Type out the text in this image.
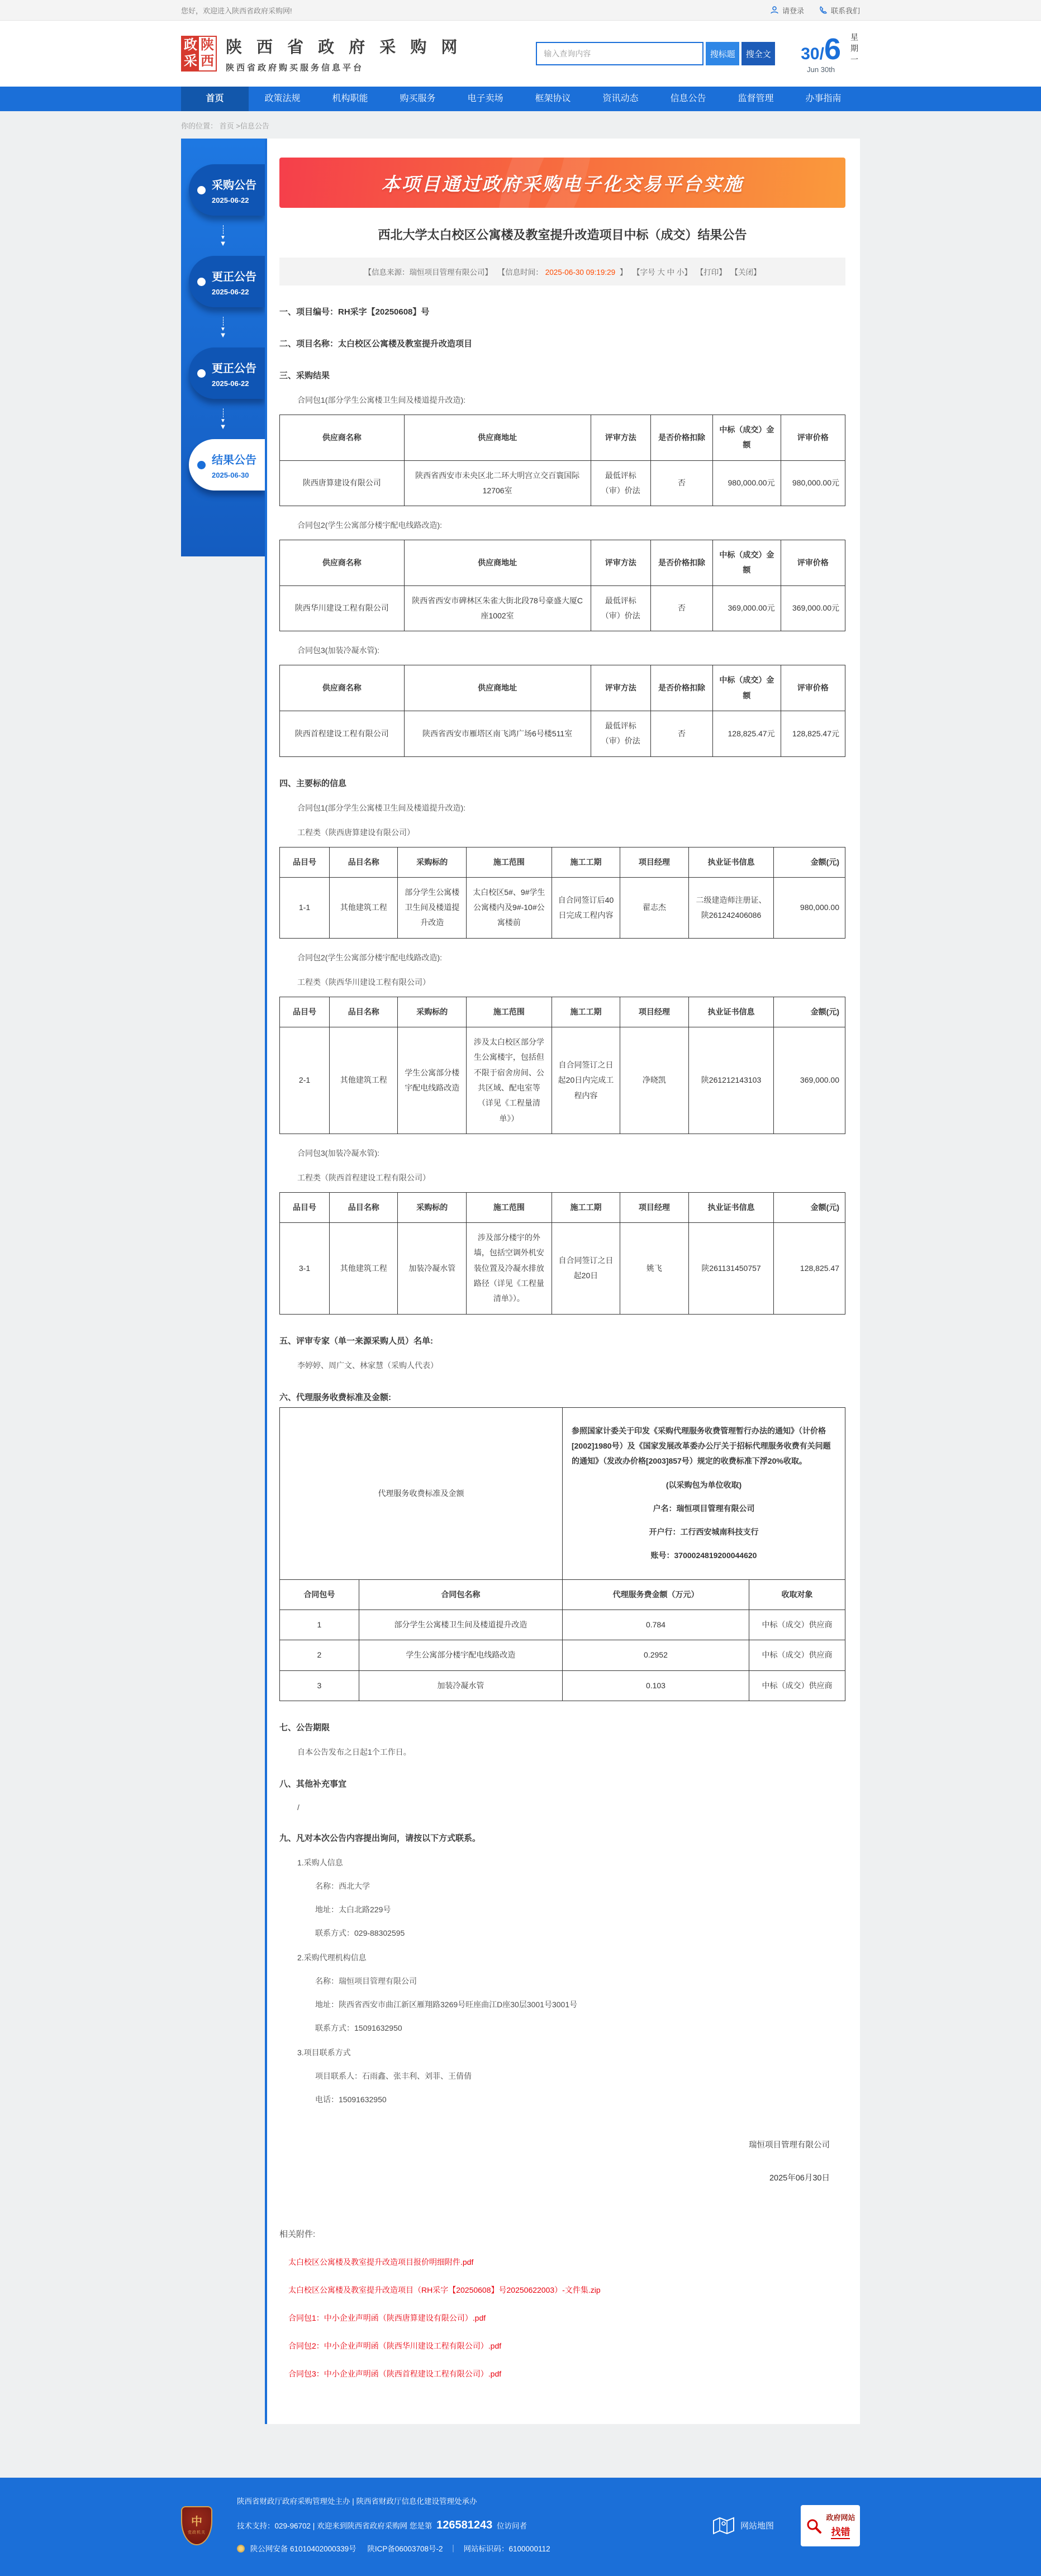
您好，欢迎进入陕西省政府采购网!	请登录	联系我们
政
采
陕
西
陕 西 省 政 府 采 购 网
陕西省政府购买服务信息平台
输入查询内容
搜标题	搜全文 30/ 6
Jun 30th
星期一
首页	政策法规	机构职能	购买服务	电子卖场	框架协议	资讯动态	信息公告	监督管理	办事指南
你的位置： 首页 >信息公告
采购公告
2025-06-22
▼
▼
更正公告
2025-06-22
▼
▼
更正公告
2025-06-22
▼
▼
结果公告
2025-06-30
本项目通过政府采购电子化交易平台实施
西北大学太白校区公寓楼及教室提升改造项目中标（成交）结果公告
【信息来源：瑞恒项目管理有限公司】 【信息时间： 2025-06-30 09:19:29 】 【字号 大 中 小】 【打印】 【关闭】
一、项目编号：RH采字【20250608】号
二、项目名称：太白校区公寓楼及教室提升改造项目
三、采购结果
合同包1(部分学生公寓楼卫生间及楼道提升改造):
供应商名称	供应商地址	评审方法	是否价格扣除	中标（成交）金额	评审价格
陕西唐算建设有限公司	陕西省西安市未央区北二环大明宫立交百寰国际12706室	最低评标（审）价法	否	980,000.00元	980,000.00元
合同包2(学生公寓部分楼宇配电线路改造):
供应商名称	供应商地址	评审方法	是否价格扣除	中标（成交）金额	评审价格
陕西华川建设工程有限公司	陕西省西安市碑林区朱雀大街北段78号豪盛大厦C座1002室	最低评标（审）价法	否	369,000.00元	369,000.00元
合同包3(加装冷凝水管):
供应商名称	供应商地址	评审方法	是否价格扣除	中标（成交）金额	评审价格
陕西首程建设工程有限公司	陕西省西安市雁塔区南飞鸿广场6号楼511室	最低评标（审）价法	否	128,825.47元	128,825.47元
四、主要标的信息
合同包1(部分学生公寓楼卫生间及楼道提升改造):
工程类（陕西唐算建设有限公司）
品目号	品目名称	采购标的	施工范围	施工工期	项目经理	执业证书信息	金额(元)
1-1	其他建筑工程	部分学生公寓楼卫生间及楼道提升改造	太白校区5#、9#学生公寓楼内及9#-10#公寓楼前	自合同签订后40日完成工程内容	翟志杰	二级建造师注册证、陕261242406086	980,000.00
合同包2(学生公寓部分楼宇配电线路改造):
工程类（陕西华川建设工程有限公司）
品目号	品目名称	采购标的	施工范围	施工工期	项目经理	执业证书信息	金额(元)
2-1	其他建筑工程	学生公寓部分楼宇配电线路改造	涉及太白校区部分学生公寓楼宇，包括但不限于宿舍房间、公共区域、配电室等（详见《工程量清单》）	自合同签订之日起20日内完成工程内容	净晓凯	陕261212143103	369,000.00
合同包3(加装冷凝水管):
工程类（陕西首程建设工程有限公司）
品目号	品目名称	采购标的	施工范围	施工工期	项目经理	执业证书信息	金额(元)
3-1	其他建筑工程	加装冷凝水管	涉及部分楼宇的外墙，包括空调外机安装位置及冷凝水排放路径（详见《工程量清单》）。	自合同签订之日起20日	姚飞	陕261131450757	128,825.47
五、评审专家（单一来源采购人员）名单:
李婷婷、周广文、林家慧（采购人代表）
六、代理服务收费标准及金额:
代理服务收费标准及金额		参照国家计委关于印发《采购代理服务收费管理暂行办法的通知》（计价格[2002]1980号）及《国家发展改革委办公厅关于招标代理服务收费有关问题的通知》（发改办价格[2003]857号）规定的收费标准下浮20%收取。

(以采购包为单位收取)

户名：瑞恒项目管理有限公司

开户行：工行西安城南科技支行

账号：3700024819200044620	

合同包号	合同包名称	代理服务费金额（万元）	收取对象
1	部分学生公寓楼卫生间及楼道提升改造	0.784	中标（成交）供应商
2	学生公寓部分楼宇配电线路改造	0.2952	中标（成交）供应商
3	加装冷凝水管	0.103	中标（成交）供应商
七、公告期限
自本公告发布之日起1个工作日。
八、其他补充事宜
/
九、凡对本次公告内容提出询问，请按以下方式联系。
1.采购人信息

名称：西北大学

地址：太白北路229号

联系方式：029-88302595

2.采购代理机构信息

名称：瑞恒项目管理有限公司

地址：陕西省西安市曲江新区雁翔路3269号旺座曲江D座30层3001号3001号

联系方式：15091632950

3.项目联系方式

项目联系人：石雨鑫、张丰利、刘菲、王倩倩

电话：15091632950

瑞恒项目管理有限公司

2025年06月30日

相关附件:
太白校区公寓楼及教室提升改造项目报价明细附件.pdf
太白校区公寓楼及教室提升改造项目（RH采字【20250608】号20250622003）-文件集.zip
合同包1：中小企业声明函（陕西唐算建设有限公司）.pdf
合同包2：中小企业声明函（陕西华川建设工程有限公司）.pdf
合同包3：中小企业声明函（陕西首程建设工程有限公司）.pdf
中
党政机关
陕西省财政厅政府采购管理处主办 | 陕西省财政厅信息化建设管理处承办
技术支持：029-96702 | 欢迎来到陕西省政府采购网 您是第 126581243 位访问者
陕公网安备 61010402000339号 陕ICP备06003708号-2 ｜ 网站标识码：6100000112
网站地图
政府网站
找错
